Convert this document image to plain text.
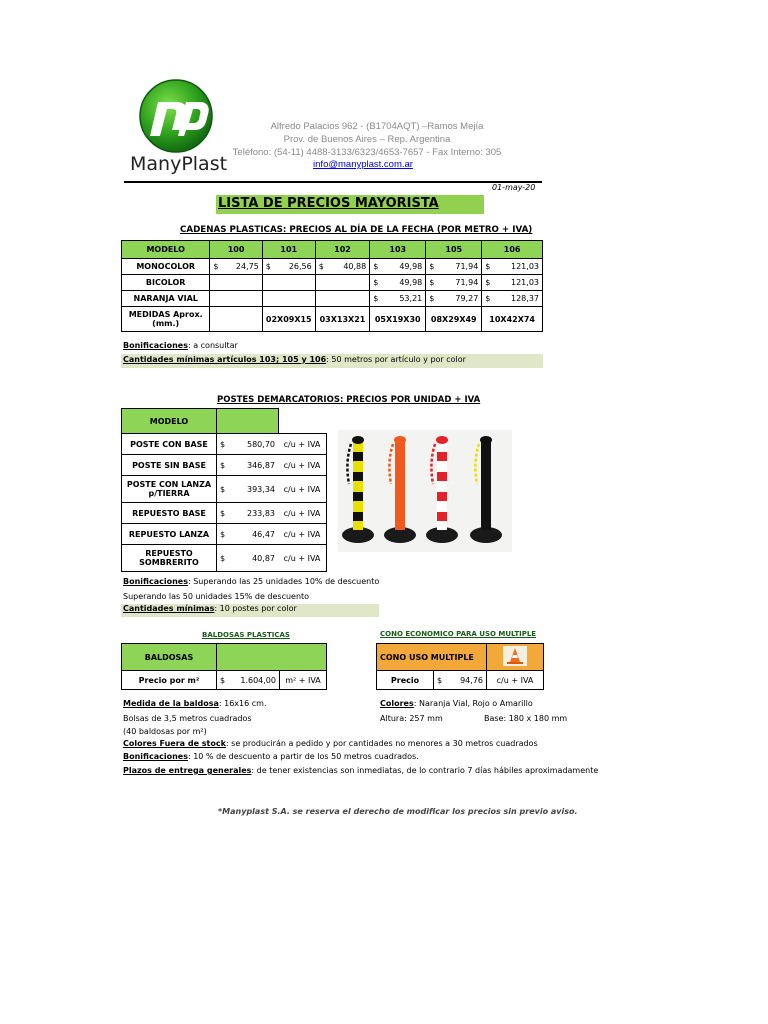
ManyPlast
Alfredo Palacios 962 - (B1704AQT) –Ramos Mejía
Prov. de Buenos Aires – Rep. Argentina
Teléfono: (54-11) 4488-3133/6323/4653-7657 - Fax Interno: 305
info@manyplast.com.ar
01-may-20
LISTA DE PRECIOS MAYORISTA
CADENAS PLASTICAS: PRECIOS AL DÍA DE LA FECHA (POR METRO + IVA)
MODELO	100	101	102	103	105	106
MONOCOLOR	$ 24,75	$ 26,56	$ 40,88	$ 49,98	$ 71,94	$ 121,03

BICOLOR				$ 49,98	$ 71,94	$ 121,03

NARANJA VIAL				$ 53,21	$ 79,27	$ 128,37

MEDIDAS Aprox. (mm.)		02X09X15	03X13X21	05X19X30	08X29X49	10X42X74
Bonificaciones: a consultar
Cantidades mínimas artículos 103; 105 y 106: 50 metros por artículo y por color
POSTES DEMARCATORIOS: PRECIOS POR UNIDAD + IVA
MODELO			
POSTE CON BASE	$	580,70	c/u + IVA
POSTE SIN BASE	$	346,87	c/u + IVA
POSTE CON LANZA p/TIERRA	$	393,34	c/u + IVA
REPUESTO BASE	$	233,83	c/u + IVA
REPUESTO LANZA	$	46,47	c/u + IVA
REPUESTO SOMBRERITO	$	40,87	c/u + IVA
Bonificaciones: Superando las 25 unidades 10% de descuento
Superando las 50 unidades 15% de descuento
Cantidades mínimas: 10 postes por color
BALDOSAS PLASTICAS
BALDOSAS			
Precio por m²	$	1.604,00	m² + IVA
CONO ECONOMICO PARA USO MULTIPLE
CONO USO MULTIPLE	
Precio	$	94,76	c/u + IVA
Medida de la baldosa: 16x16 cm.	Colores: Naranja Vial, Rojo o Amarillo
Bolsas de 3,5 metros cuadrados	Altura: 257 mm	Base: 180 x 180 mm
(40 baldosas por m²)
Colores Fuera de stock: se producirán a pedido y por cantidades no menores a 30 metros cuadrados
Bonificaciones: 10 % de descuento a partir de los 50 metros cuadrados.
Plazos de entrega generales: de tener existencias son inmediatas, de lo contrario 7 días hábiles aproximadamente
*Manyplast S.A. se reserva el derecho de modificar los precios sin previo aviso.
